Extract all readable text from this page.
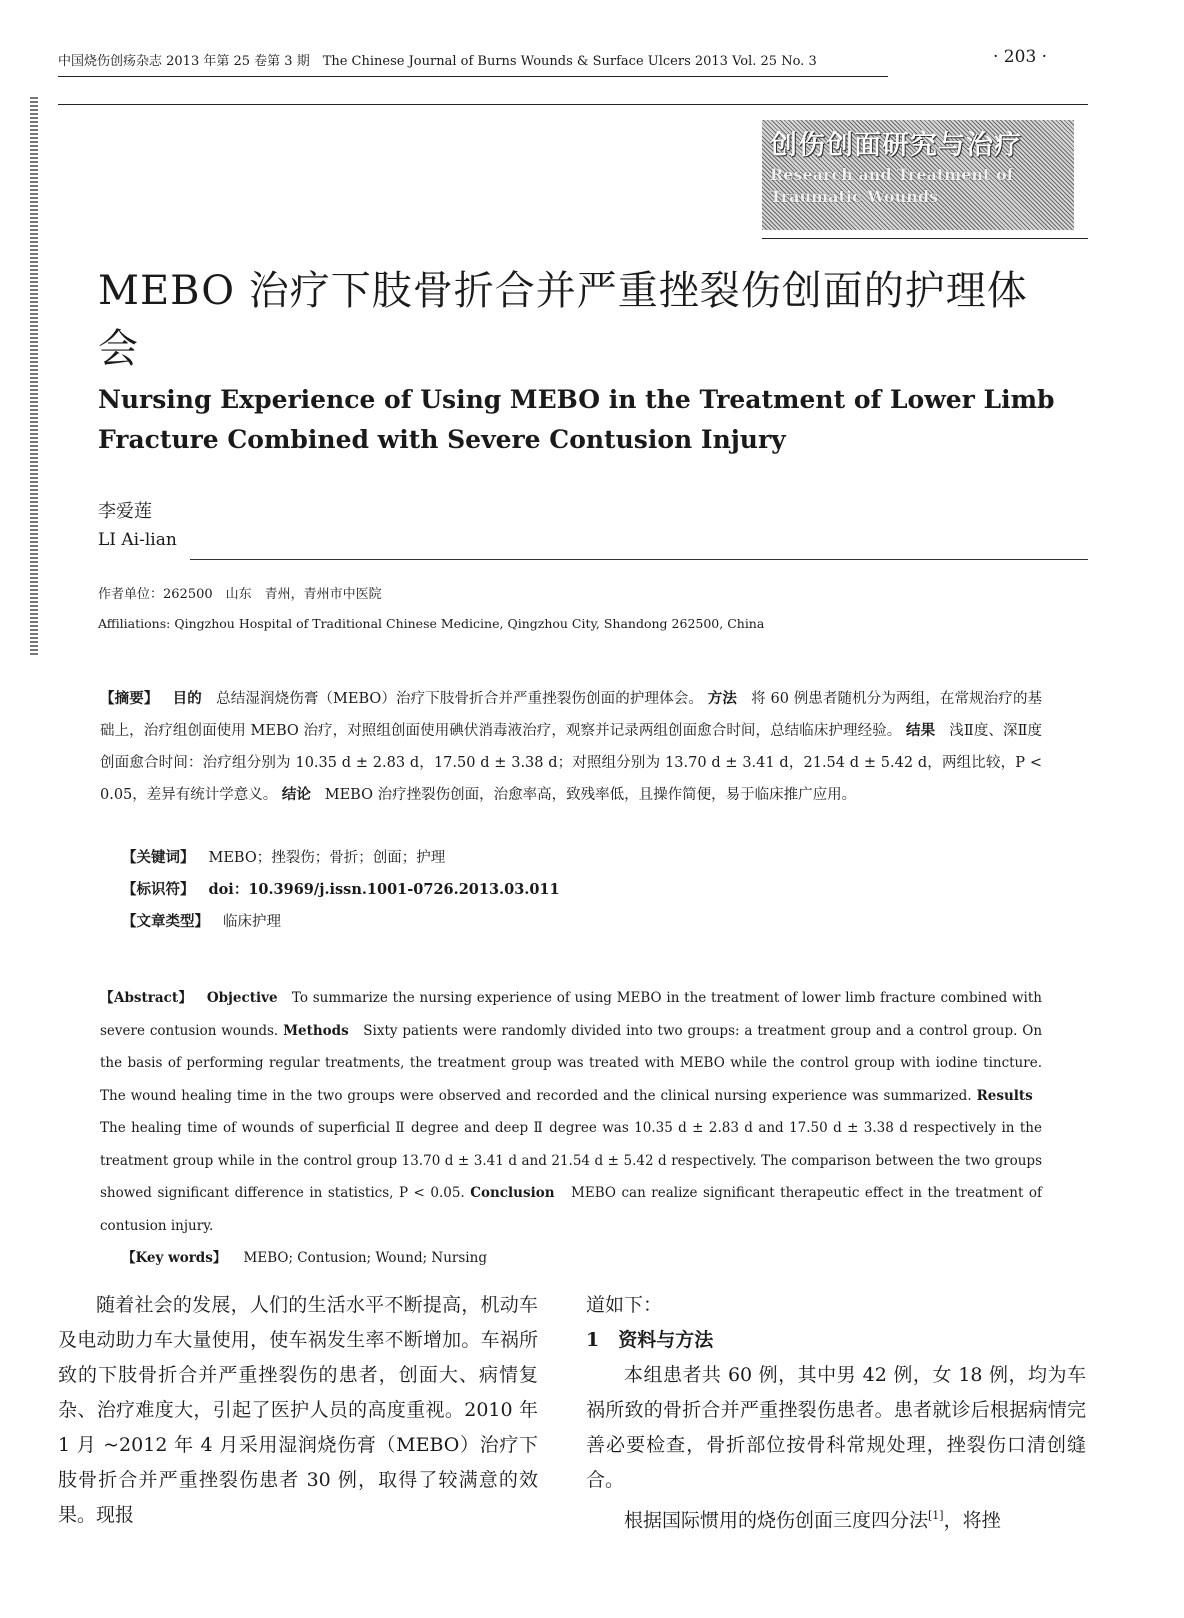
中国烧伤创疡杂志 2013 年第 25 卷第 3 期　The Chinese Journal of Burns Wounds & Surface Ulcers 2013 Vol. 25 No. 3	· 203 ·
创伤创面研究与治疗
Research and Treatment of Traumatic Wounds
MEBO 治疗下肢骨折合并严重挫裂伤创面的护理体会
Nursing Experience of Using MEBO in the Treatment of Lower Limb Fracture Combined with Severe Contusion Injury
李爱莲
LI Ai-lian
作者单位：262500　山东　青州，青州市中医院
Affiliations: Qingzhou Hospital of Traditional Chinese Medicine, Qingzhou City, Shandong 262500, China

【摘要】 目的 总结湿润烧伤膏（MEBO）治疗下肢骨折合并严重挫裂伤创面的护理体会。 方法 将 60 例患者随机分为两组，在常规治疗的基础上，治疗组创面使用 MEBO 治疗，对照组创面使用碘伏消毒液治疗，观察并记录两组创面愈合时间，总结临床护理经验。 结果 浅Ⅱ度、深Ⅱ度创面愈合时间：治疗组分别为 10.35 d ± 2.83 d，17.50 d ± 3.38 d；对照组分别为 13.70 d ± 3.41 d，21.54 d ± 5.42 d，两组比较，P < 0.05，差异有统计学意义。 结论 MEBO 治疗挫裂伤创面，治愈率高，致残率低，且操作简便，易于临床推广应用。

【关键词】 MEBO；挫裂伤；骨折；创面；护理
【标识符】 doi：10.3969/j.issn.1001-0726.2013.03.011
【文章类型】 临床护理

【Abstract】 Objective To summarize the nursing experience of using MEBO in the treatment of lower limb fracture combined with severe contusion wounds. Methods Sixty patients were randomly divided into two groups: a treatment group and a control group. On the basis of performing regular treatments, the treatment group was treated with MEBO while the control group with iodine tincture. The wound healing time in the two groups were observed and recorded and the clinical nursing experience was summarized. Results   The healing time of wounds of superficial Ⅱ degree and deep Ⅱ degree was 10.35 d ± 2.83 d and 17.50 d ± 3.38 d respectively in the treatment group while in the control group 13.70 d ± 3.41 d and 21.54 d ± 5.42 d respectively. The comparison between the two groups showed significant difference in statistics, P < 0.05. Conclusion MEBO can realize significant therapeutic effect in the treatment of contusion injury.

【Key words】 MEBO; Contusion; Wound; Nursing

随着社会的发展，人们的生活水平不断提高，机动车及电动助力车大量使用，使车祸发生率不断增加。车祸所致的下肢骨折合并严重挫裂伤的患者，创面大、病情复杂、治疗难度大，引起了医护人员的高度重视。2010 年 1 月 ~2012 年 4 月采用湿润烧伤膏（MEBO）治疗下肢骨折合并严重挫裂伤患者 30 例，取得了较满意的效果。现报

道如下：

1　资料与方法

本组患者共 60 例，其中男 42 例，女 18 例，均为车祸所致的骨折合并严重挫裂伤患者。患者就诊后根据病情完善必要检查，骨折部位按骨科常规处理，挫裂伤口清创缝合。

根据国际惯用的烧伤创面三度四分法[1]，将挫
